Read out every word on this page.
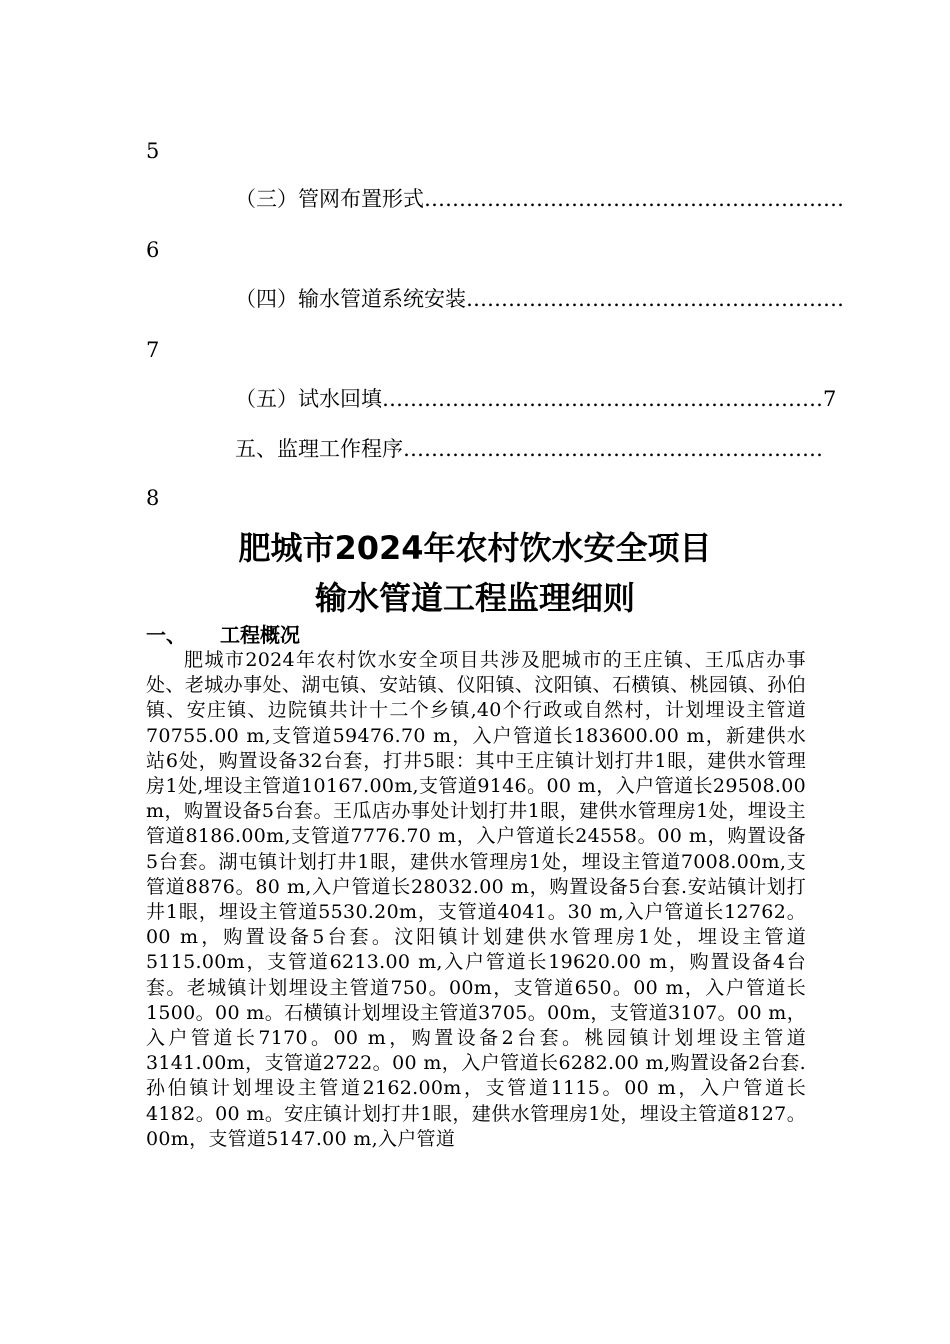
5
（三）管网布置形式……………………………………………………
6
（四）输水管道系统安装………………………………………………
7
（五）试水回填………………………………………………………7
五、监理工作程序……………………………………………………
8
肥城市2024年农村饮水安全项目
输水管道工程监理细则
一、 工程概况
肥城市2024年农村饮水安全项目共涉及肥城市的王庄镇、王瓜店办事处、老城办事处、湖屯镇、安站镇、仪阳镇、汶阳镇、石横镇、桃园镇、孙伯镇、安庄镇、边院镇共计十二个乡镇,40个行政或自然村，计划埋设主管道70755.00 m,支管道59476.70 m，入户管道长183600.00 m，新建供水站6处，购置设备32台套，打井5眼：其中王庄镇计划打井1眼，建供水管理房1处,埋设主管道10167.00m,支管道9146。00 m，入户管道长29508.00 m，购置设备5台套。王瓜店办事处计划打井1眼，建供水管理房1处，埋设主管道8186.00m,支管道7776.70 m，入户管道长24558。00 m，购置设备5台套。湖屯镇计划打井1眼，建供水管理房1处，埋设主管道7008.00m,支管道8876。80 m,入户管道长28032.00 m，购置设备5台套.安站镇计划打井1眼，埋设主管道5530.20m，支管道4041。30 m,入户管道长12762。00 m，购置设备5台套。汶阳镇计划建供水管理房1处，埋设主管道5115.00m，支管道6213.00 m,入户管道长19620.00 m，购置设备4台套。老城镇计划埋设主管道750。00m，支管道650。00 m，入户管道长1500。00 m。石横镇计划埋设主管道3705。00m，支管道3107。00 m，入户管道长7170。00 m，购置设备2台套。桃园镇计划埋设主管道3141.00m，支管道2722。00 m，入户管道长6282.00 m,购置设备2台套.孙伯镇计划埋设主管道2162.00m，支管道1115。00 m，入户管道长4182。00 m。安庄镇计划打井1眼，建供水管理房1处，埋设主管道8127。00m，支管道5147.00 m,入户管道
